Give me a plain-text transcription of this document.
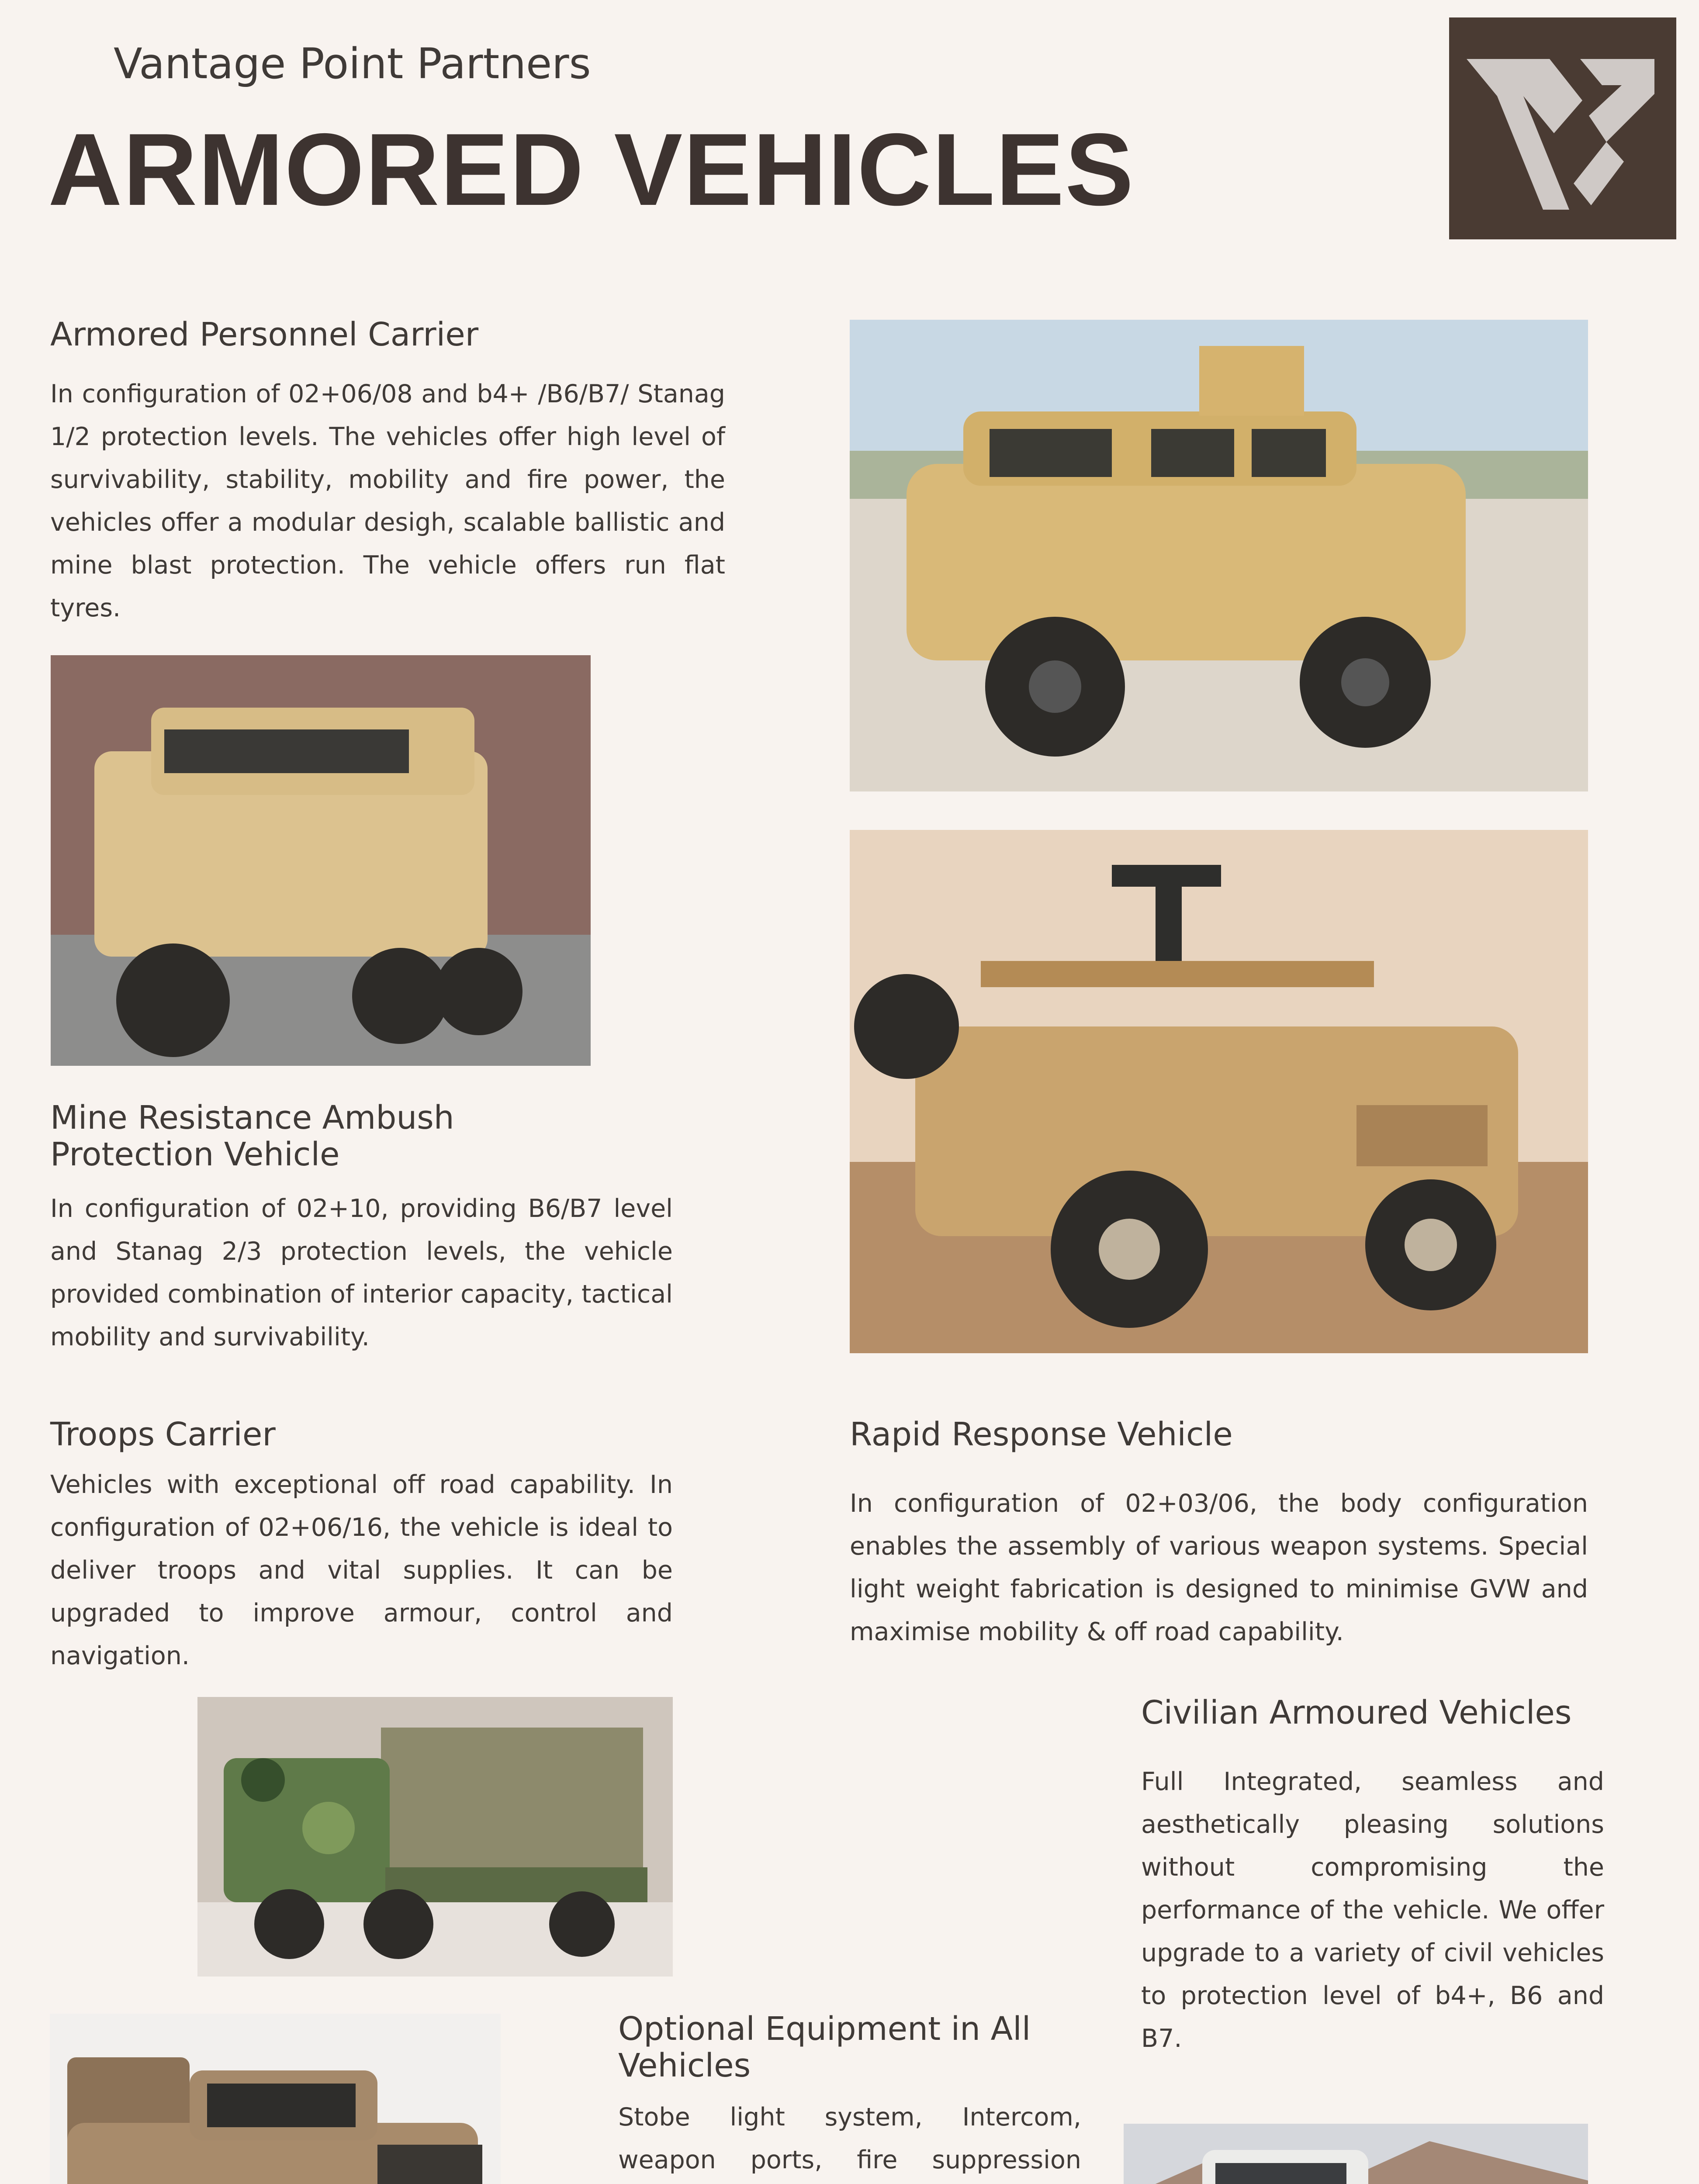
Vantage Point Partners
ARMORED VEHICLES
Armored Personnel Carrier

In configuration of 02+06/08 and b4+ /B6/B7/ Stanag 1/2 protection levels. The vehicles offer high level of survivability, stability, mobility and fire power, the vehicles offer a modular desigh, scalable ballistic and mine blast protection. The vehicle offers run flat tyres.

Mine Resistance Ambush
Protection Vehicle

In configuration of 02+10, providing B6/B7 level and Stanag 2/3 protection levels, the vehicle provided combination of interior capacity, tactical mobility and survivability.

Troops Carrier

Vehicles with exceptional off road capability. In configuration of 02+06/16, the vehicle is ideal to deliver troops and vital supplies. It can be upgraded to improve armour, control and navigation.

Rapid Response Vehicle

In configuration of 02+03/06, the body configuration enables the assembly of various weapon systems. Special light weight fabrication is designed to minimise GVW and maximise mobility & off road capability.

Civilian Armoured Vehicles

Full Integrated, seamless and aesthetically pleasing solutions without compromising the performance of the vehicle. We offer upgrade to a variety of civil vehicles to protection level of b4+, B6 and B7.

Optional Equipment in All
Vehicles

Stobe light system, Intercom, weapon ports, fire suppression
